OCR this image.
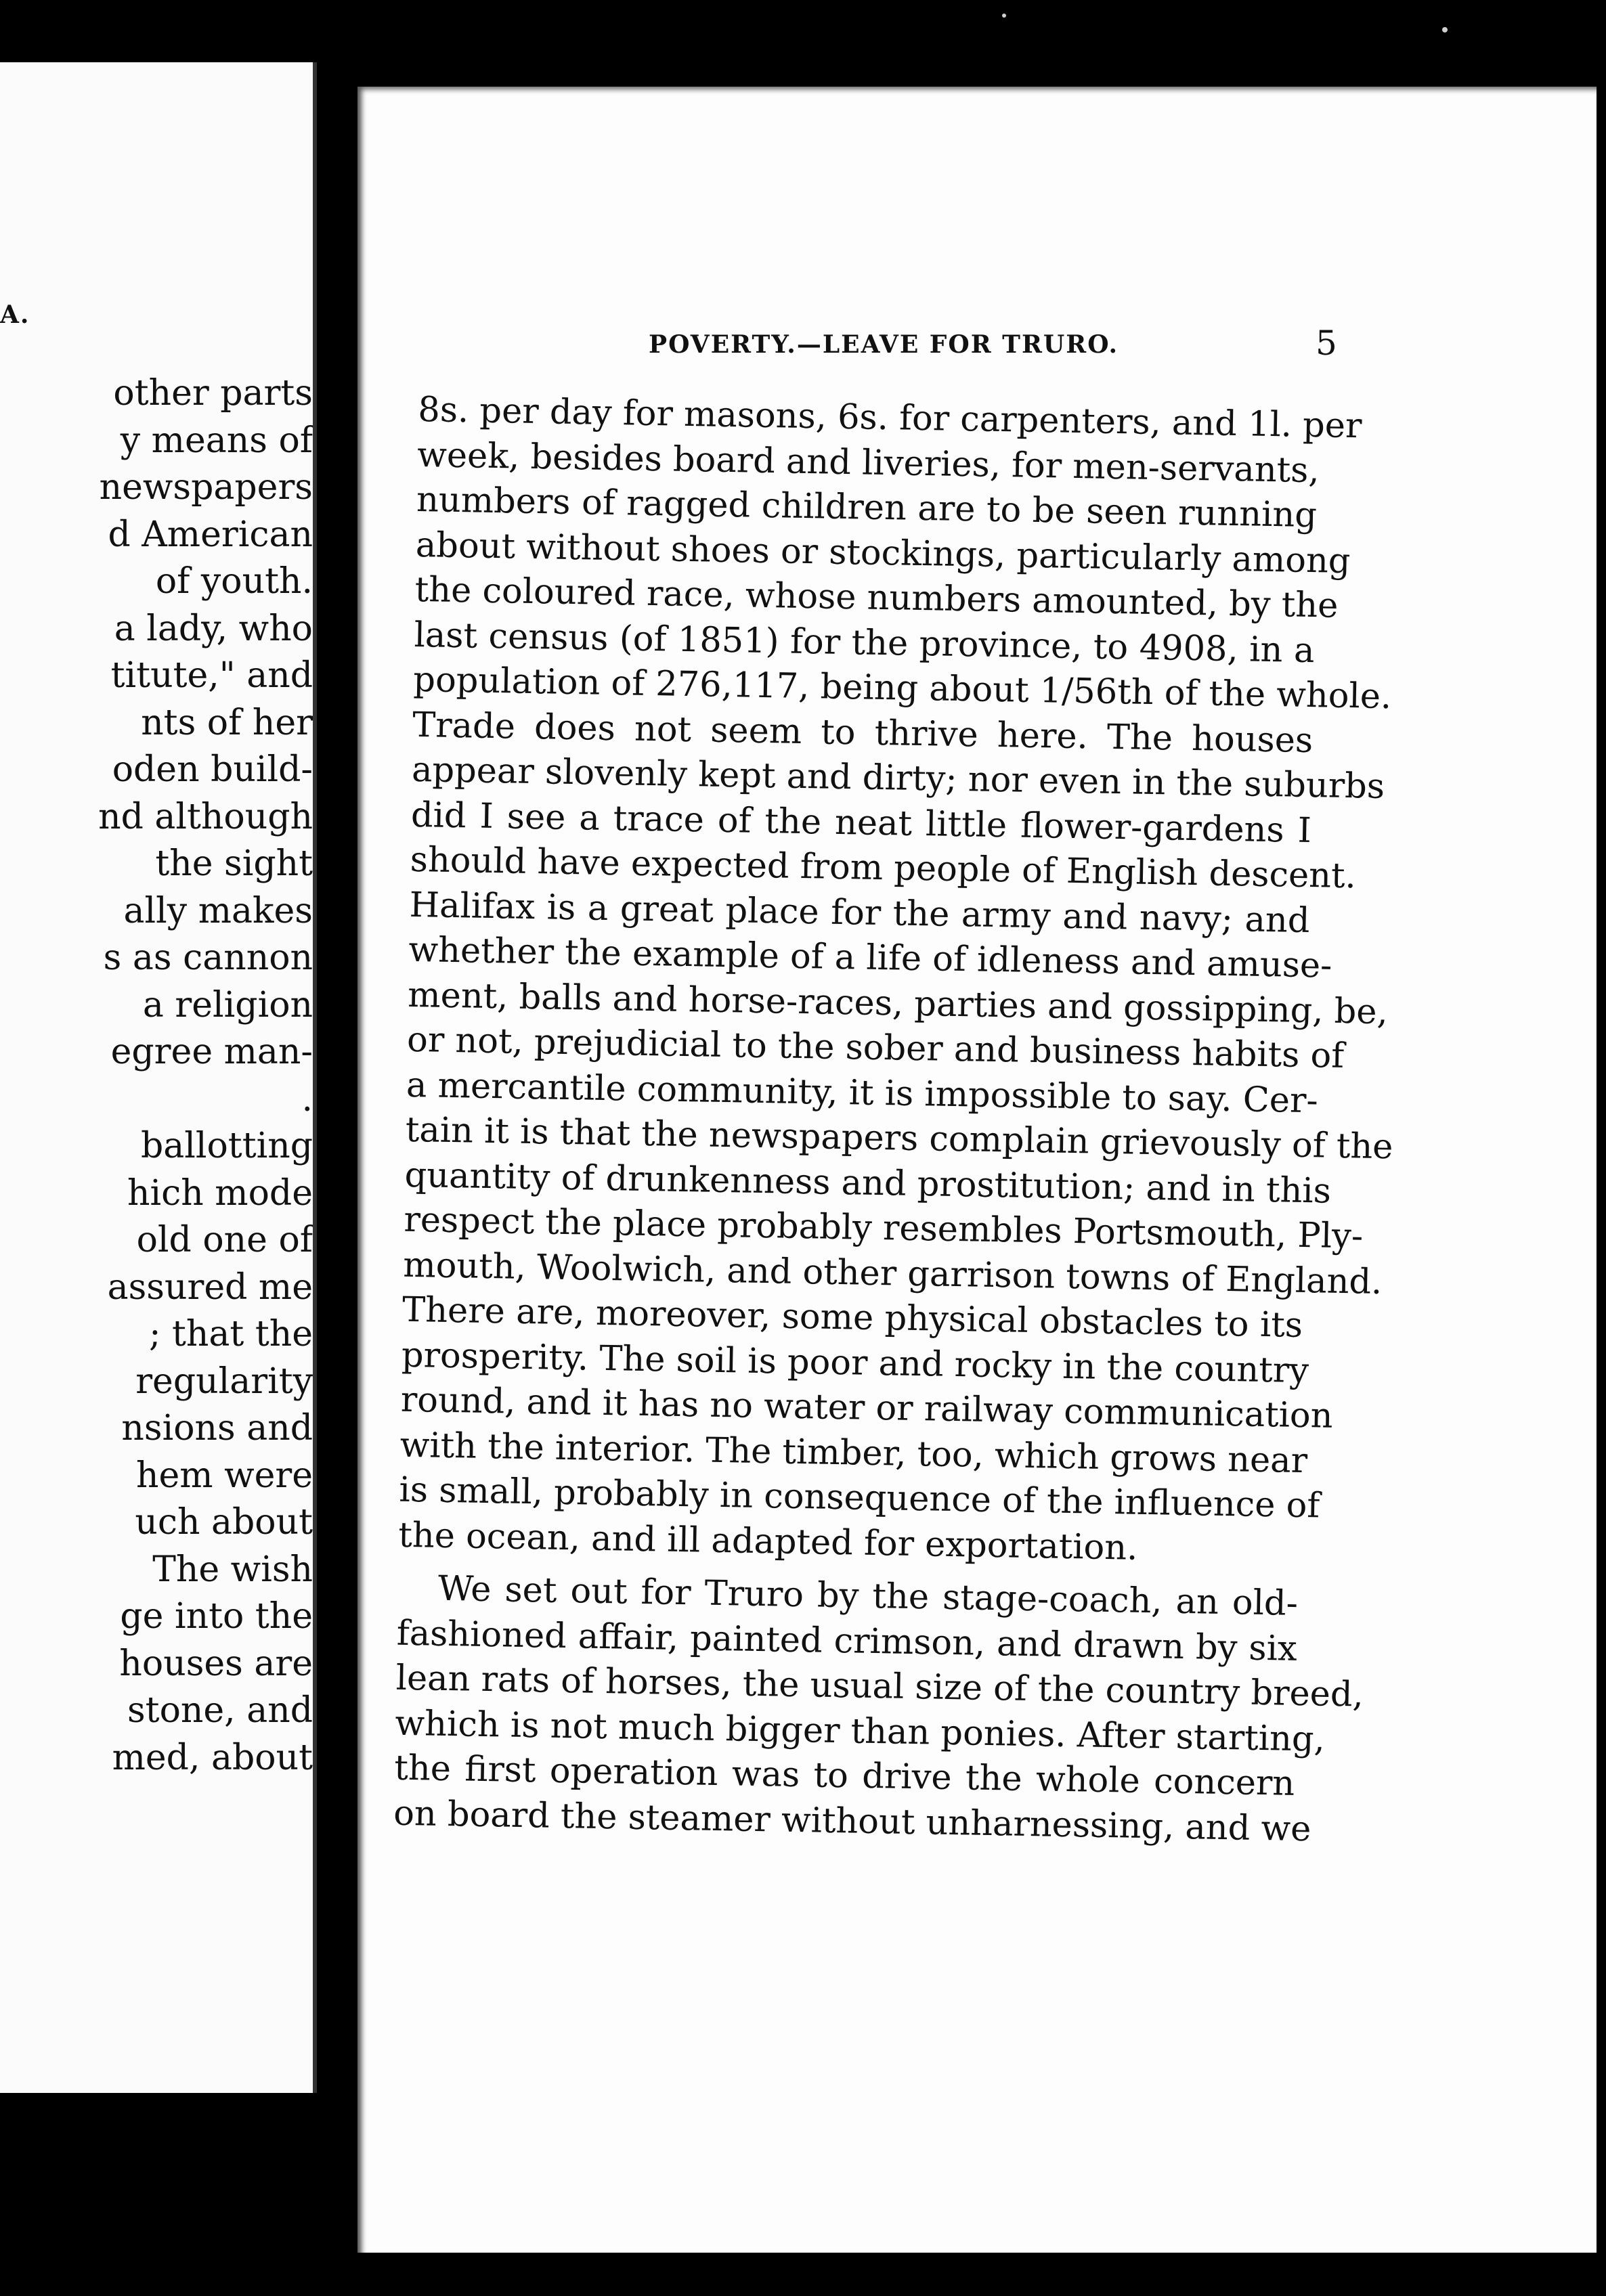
A.
other parts
y means of
newspapers
d American
of youth.
a lady, who
titute," and
nts of her
oden build-
nd although
the sight
ally makes
s as cannon
a religion
egree man-
.
ballotting
hich mode
old one of
assured me
; that the
regularity
nsions and
hem were
uch about
The wish
ge into the
houses are
stone, and
med, about
POVERTY.—LEAVE FOR TRURO.	5
8s. per day for masons, 6s. for carpenters, and 1l. per
week, besides board and liveries, for men-servants,
numbers of ragged children are to be seen running
about without shoes or stockings, particularly among
the coloured race, whose numbers amounted, by the
last census (of 1851) for the province, to 4908, in a
population of 276,117, being about 1/56th of the whole.
Trade does not seem to thrive here. The houses
appear slovenly kept and dirty; nor even in the suburbs
did I see a trace of the neat little flower-gardens I
should have expected from people of English descent.
Halifax is a great place for the army and navy; and
whether the example of a life of idleness and amuse-
ment, balls and horse-races, parties and gossipping, be,
or not, prejudicial to the sober and business habits of
a mercantile community, it is impossible to say. Cer-
tain it is that the newspapers complain grievously of the
quantity of drunkenness and prostitution; and in this
respect the place probably resembles Portsmouth, Ply-
mouth, Woolwich, and other garrison towns of England.
There are, moreover, some physical obstacles to its
prosperity. The soil is poor and rocky in the country
round, and it has no water or railway communication
with the interior. The timber, too, which grows near
is small, probably in consequence of the influence of
the ocean, and ill adapted for exportation.
We set out for Truro by the stage-coach, an old-
fashioned affair, painted crimson, and drawn by six
lean rats of horses, the usual size of the country breed,
which is not much bigger than ponies. After starting,
the first operation was to drive the whole concern
on board the steamer without unharnessing, and we
